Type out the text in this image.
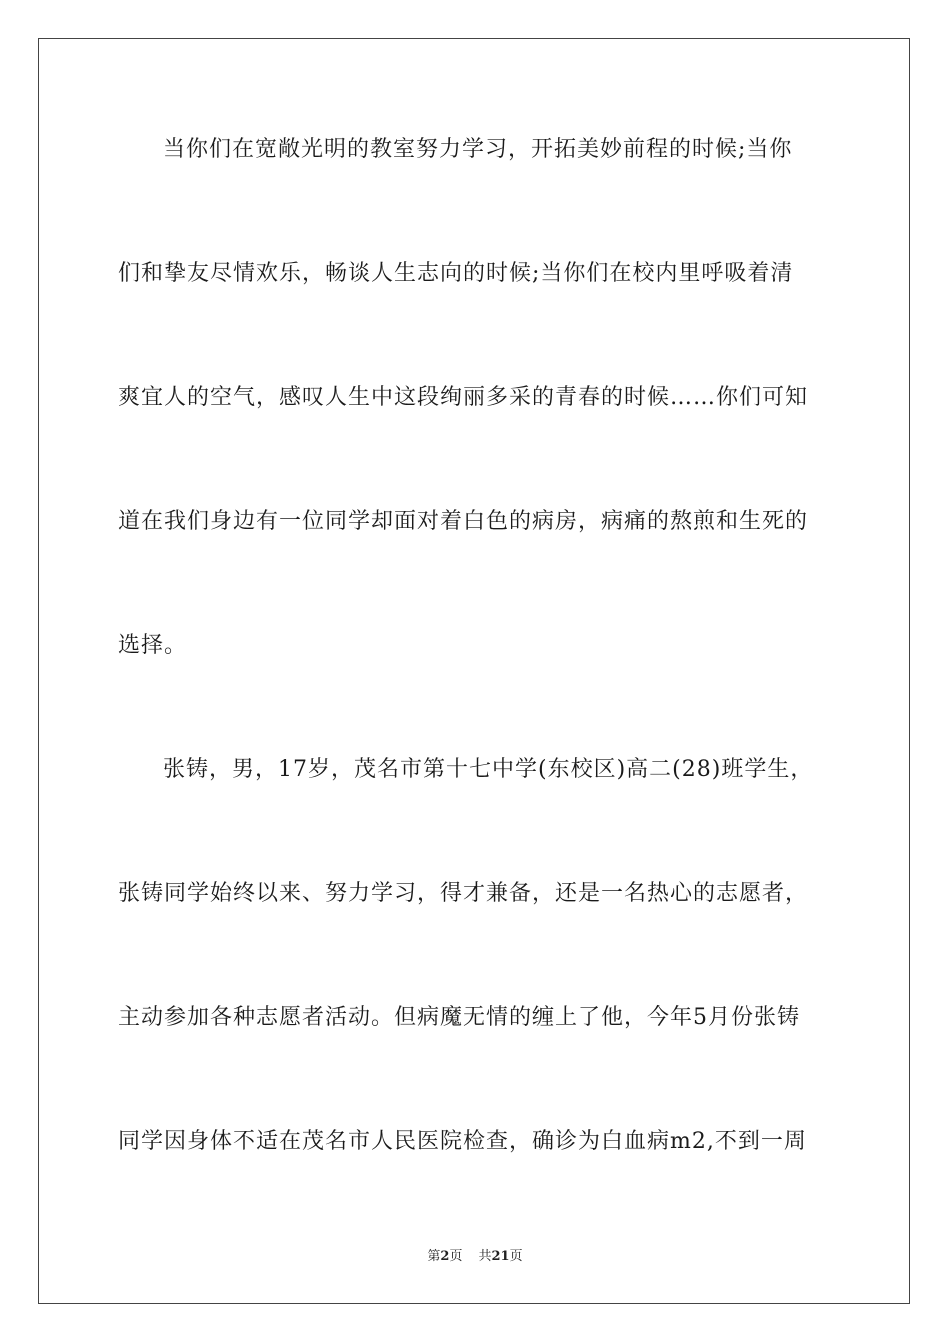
当你们在宽敞光明的教室努力学习，开拓美妙前程的时候;当你
们和挚友尽情欢乐，畅谈人生志向的时候;当你们在校内里呼吸着清
爽宜人的空气，感叹人生中这段绚丽多采的青春的时候……你们可知
道在我们身边有一位同学却面对着白色的病房，病痛的熬煎和生死的
选择。
张铸，男，17岁，茂名市第十七中学(东校区)高二(28)班学生，
张铸同学始终以来、努力学习，得才兼备，还是一名热心的志愿者，
主动参加各种志愿者活动。但病魔无情的缠上了他，今年5月份张铸
同学因身体不适在茂名市人民医院检查，确诊为白血病m2,不到一周
第2页 共21页
